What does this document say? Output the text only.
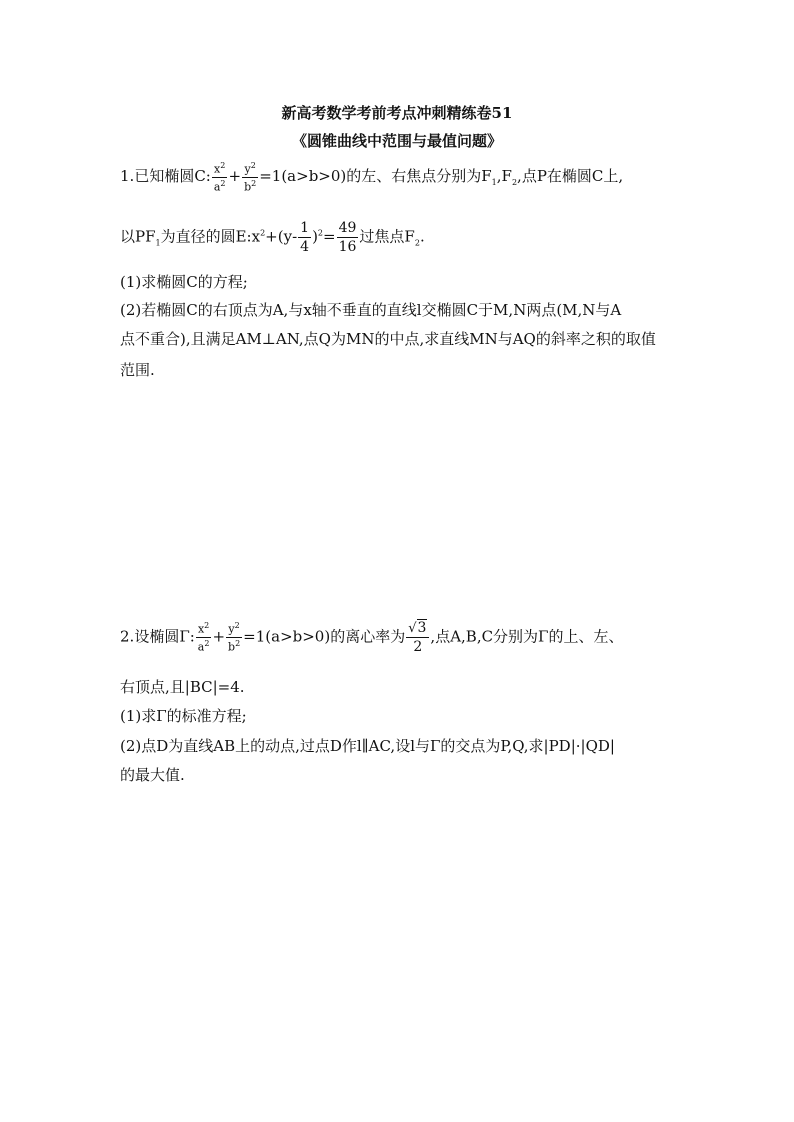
新高考数学考前考点冲刺精练卷51
《圆锥曲线中范围与最值问题》
1.已知椭圆C: $\frac{x^2}{a^2} + \frac{y^2}{b^2} =1(a>b>0)$的左、右焦点分别为$F_1,F_2$,点P在椭圆C上,
以$PF_1$为直径的圆$E:x^2+(y- \frac{1}{4} )^2= \frac{49}{16}$ 过焦点$F_2$.
(1)求椭圆C的方程;
(2)若椭圆C的右顶点为A,与x轴不垂直的直线l交椭圆C于M,N两点(M,N与A
点不重合),且满足AM⊥AN,点Q为MN的中点,求直线MN与AQ的斜率之积的取值
范围.
2.设椭圆Γ: $\frac{x^2}{a^2} + \frac{y^2}{b^2} =1(a>b>0)$的离心率为 $\frac{√3}{2}$ ,点A,B,C分别为Γ的上、左、
右顶点,且|BC|=4.
(1)求Γ的标准方程;
(2)点D为直线AB上的动点,过点D作l∥AC,设l与Γ的交点为P,Q,求|PD|·|QD|
的最大值.
